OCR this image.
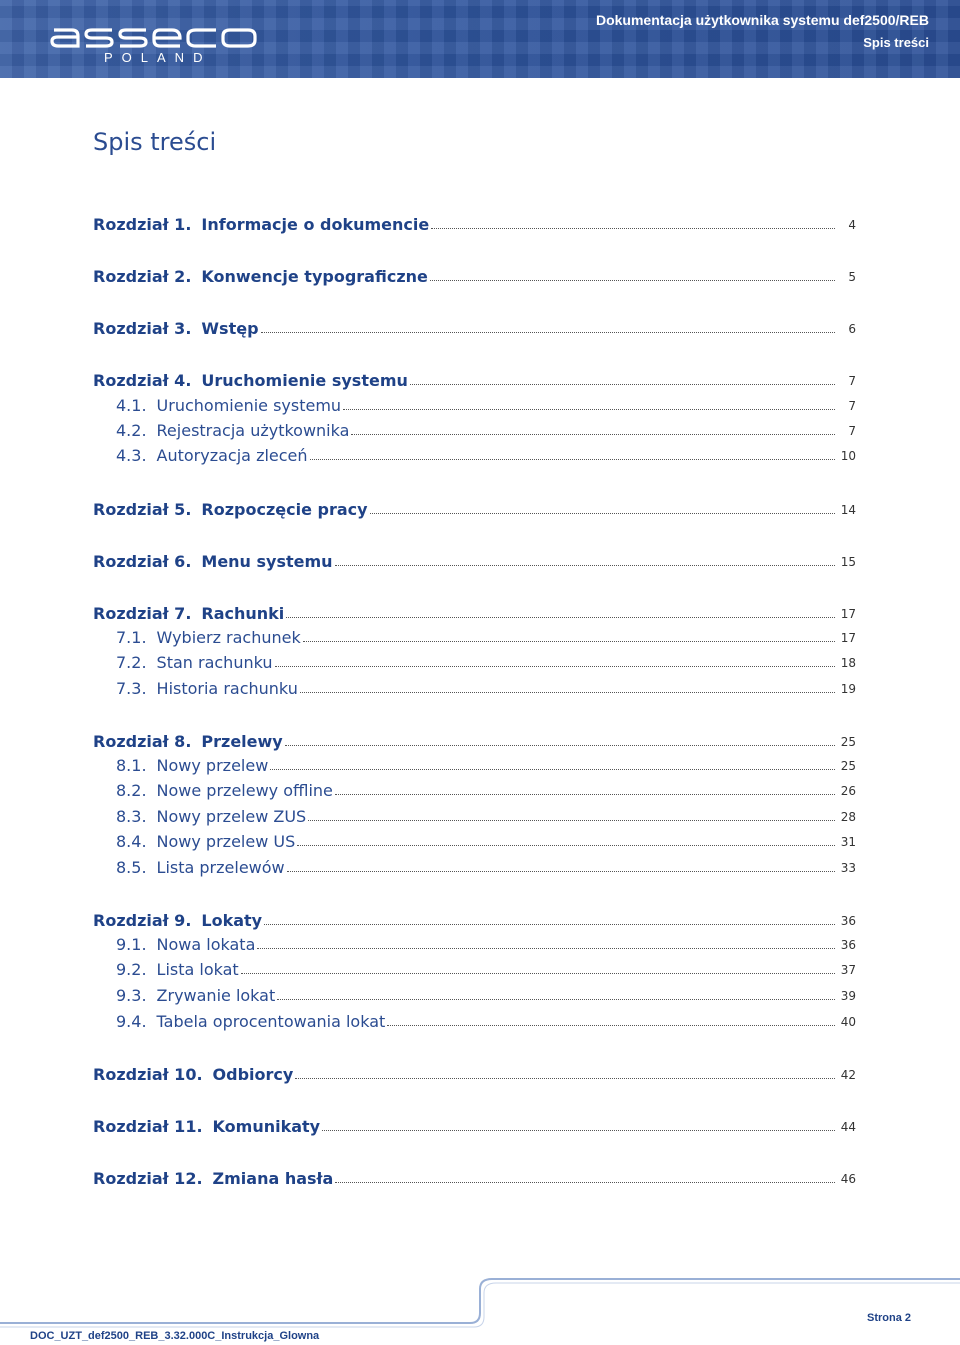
POLAND
Dokumentacja użytkownika systemu def2500/REB
Spis treści
Spis treści
Rozdział 1. Informacje o dokumencie	4
Rozdział 2. Konwencje typograficzne	5
Rozdział 3. Wstęp	6
Rozdział 4. Uruchomienie systemu	7
4.1. Uruchomienie systemu	7
4.2. Rejestracja użytkownika	7
4.3. Autoryzacja zleceń	10
Rozdział 5. Rozpoczęcie pracy	14
Rozdział 6. Menu systemu	15
Rozdział 7. Rachunki	17
7.1. Wybierz rachunek	17
7.2. Stan rachunku	18
7.3. Historia rachunku	19
Rozdział 8. Przelewy	25
8.1. Nowy przelew	25
8.2. Nowe przelewy offline	26
8.3. Nowy przelew ZUS	28
8.4. Nowy przelew US	31
8.5. Lista przelewów	33
Rozdział 9. Lokaty	36
9.1. Nowa lokata	36
9.2. Lista lokat	37
9.3. Zrywanie lokat	39
9.4. Tabela oprocentowania lokat	40
Rozdział 10. Odbiorcy	42
Rozdział 11. Komunikaty	44
Rozdział 12. Zmiana hasła	46
DOC_UZT_def2500_REB_3.32.000C_Instrukcja_Glowna
Strona 2
